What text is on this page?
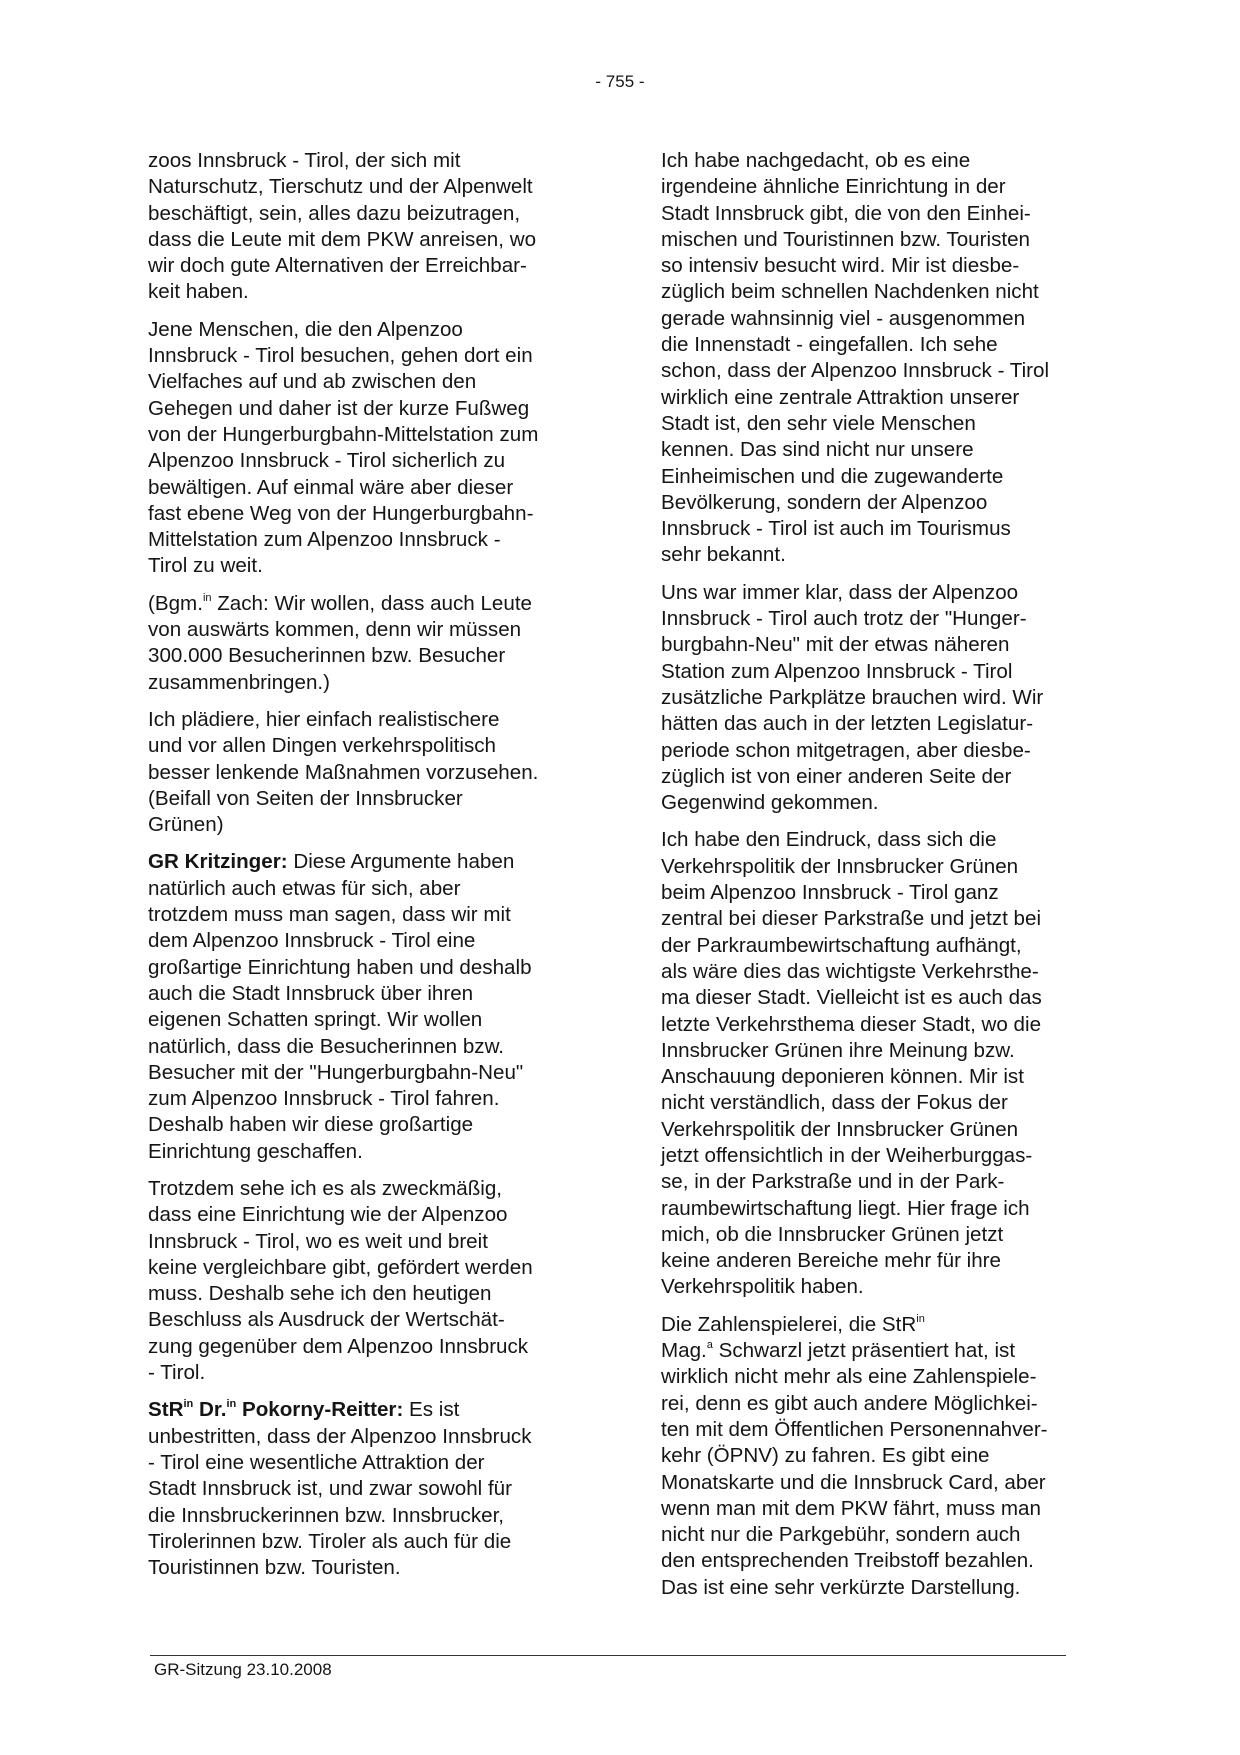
- 755 -

zoos Innsbruck - Tirol, der sich mit
Naturschutz, Tierschutz und der Alpenwelt
beschäftigt, sein, alles dazu beizutragen,
dass die Leute mit dem PKW anreisen, wo
wir doch gute Alternativen der Erreichbar-
keit haben.

Jene Menschen, die den Alpenzoo
Innsbruck - Tirol besuchen, gehen dort ein
Vielfaches auf und ab zwischen den
Gehegen und daher ist der kurze Fußweg
von der Hungerburgbahn-Mittelstation zum
Alpenzoo Innsbruck - Tirol sicherlich zu
bewältigen. Auf einmal wäre aber dieser
fast ebene Weg von der Hungerburgbahn-
Mittelstation zum Alpenzoo Innsbruck -
Tirol zu weit.

(Bgm.$^{in}$ Zach: Wir wollen, dass auch Leute
von auswärts kommen, denn wir müssen
300.000 Besucherinnen bzw. Besucher
zusammenbringen.)

Ich plädiere, hier einfach realistischere
und vor allen Dingen verkehrspolitisch
besser lenkende Maßnahmen vorzusehen.
(Beifall von Seiten der Innsbrucker
Grünen)

GR Kritzinger: Diese Argumente haben
natürlich auch etwas für sich, aber
trotzdem muss man sagen, dass wir mit
dem Alpenzoo Innsbruck - Tirol eine
großartige Einrichtung haben und deshalb
auch die Stadt Innsbruck über ihren
eigenen Schatten springt. Wir wollen
natürlich, dass die Besucherinnen bzw.
Besucher mit der "Hungerburgbahn-Neu"
zum Alpenzoo Innsbruck - Tirol fahren.
Deshalb haben wir diese großartige
Einrichtung geschaffen.

Trotzdem sehe ich es als zweckmäßig,
dass eine Einrichtung wie der Alpenzoo
Innsbruck - Tirol, wo es weit und breit
keine vergleichbare gibt, gefördert werden
muss. Deshalb sehe ich den heutigen
Beschluss als Ausdruck der Wertschät-
zung gegenüber dem Alpenzoo Innsbruck
- Tirol.

StR$^{in}$ Dr.$^{in}$ Pokorny-Reitter: Es ist
unbestritten, dass der Alpenzoo Innsbruck
- Tirol eine wesentliche Attraktion der
Stadt Innsbruck ist, und zwar sowohl für
die Innsbruckerinnen bzw. Innsbrucker,
Tirolerinnen bzw. Tiroler als auch für die
Touristinnen bzw. Touristen.

Ich habe nachgedacht, ob es eine
irgendeine ähnliche Einrichtung in der
Stadt Innsbruck gibt, die von den Einhei-
mischen und Touristinnen bzw. Touristen
so intensiv besucht wird. Mir ist diesbe-
züglich beim schnellen Nachdenken nicht
gerade wahnsinnig viel - ausgenommen
die Innenstadt - eingefallen. Ich sehe
schon, dass der Alpenzoo Innsbruck - Tirol
wirklich eine zentrale Attraktion unserer
Stadt ist, den sehr viele Menschen
kennen. Das sind nicht nur unsere
Einheimischen und die zugewanderte
Bevölkerung, sondern der Alpenzoo
Innsbruck - Tirol ist auch im Tourismus
sehr bekannt.

Uns war immer klar, dass der Alpenzoo
Innsbruck - Tirol auch trotz der "Hunger-
burgbahn-Neu" mit der etwas näheren
Station zum Alpenzoo Innsbruck - Tirol
zusätzliche Parkplätze brauchen wird. Wir
hätten das auch in der letzten Legislatur-
periode schon mitgetragen, aber diesbe-
züglich ist von einer anderen Seite der
Gegenwind gekommen.

Ich habe den Eindruck, dass sich die
Verkehrspolitik der Innsbrucker Grünen
beim Alpenzoo Innsbruck - Tirol ganz
zentral bei dieser Parkstraße und jetzt bei
der Parkraumbewirtschaftung aufhängt,
als wäre dies das wichtigste Verkehrsthe-
ma dieser Stadt. Vielleicht ist es auch das
letzte Verkehrsthema dieser Stadt, wo die
Innsbrucker Grünen ihre Meinung bzw.
Anschauung deponieren können. Mir ist
nicht verständlich, dass der Fokus der
Verkehrspolitik der Innsbrucker Grünen
jetzt offensichtlich in der Weiherburggas-
se, in der Parkstraße und in der Park-
raumbewirtschaftung liegt. Hier frage ich
mich, ob die Innsbrucker Grünen jetzt
keine anderen Bereiche mehr für ihre
Verkehrspolitik haben.

Die Zahlenspielerei, die StR$^{in}$
Mag.$^a$ Schwarzl jetzt präsentiert hat, ist
wirklich nicht mehr als eine Zahlenspiele-
rei, denn es gibt auch andere Möglichkei-
ten mit dem Öffentlichen Personennahver-
kehr (ÖPNV) zu fahren. Es gibt eine
Monatskarte und die Innsbruck Card, aber
wenn man mit dem PKW fährt, muss man
nicht nur die Parkgebühr, sondern auch
den entsprechenden Treibstoff bezahlen.
Das ist eine sehr verkürzte Darstellung.

GR-Sitzung 23.10.2008
